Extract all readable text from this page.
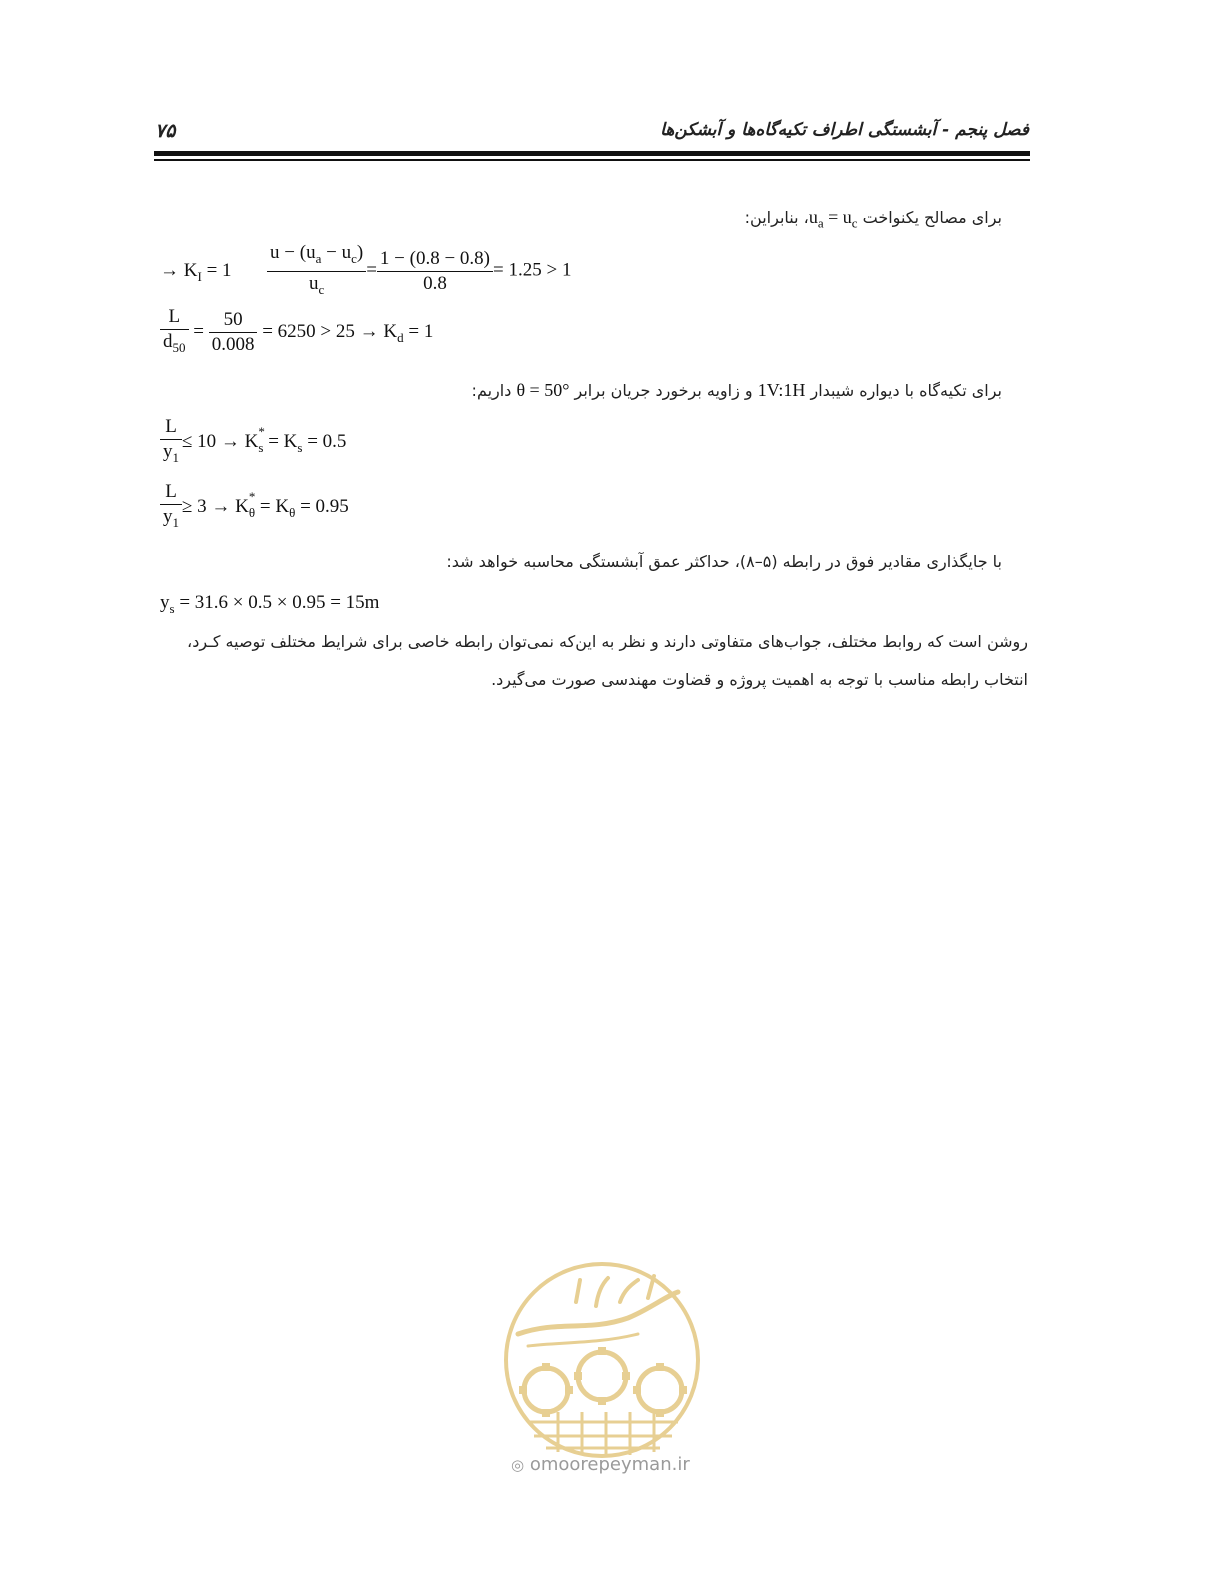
فصل پنجم - آبشستگی اطراف تکیه‌گاه‌ها و آبشکن‌ها
۷۵
برای مصالح یکنواخت $u_a$ = $u_c،$ بنابراین:
→ $K_I = 1 \frac{u - (u_a - u_c)}{u_c} = \frac{1 - (0.8 - 0.8)}{0.8} = 1.25 > 1$
$\frac{L}{d_{50}} = \frac{50}{0.008} = 6250 > 25 \to K_d = 1$
برای تکیه‌گاه با دیواره شیبدار 1V:1H و زاویه برخورد جریان برابر θ = 50° داریم:
$\frac{L}{y_1} \le 10 \to K$ $_{* s} = K_s = 0.5$
$\frac{L}{y_1} \ge 3 \to K$ $_{* \theta} = K_\theta = 0.95$
با جایگذاری مقادیر فوق در رابطه (۵–۸)، حداکثر عمق آبشستگی محاسبه خواهد شد:
$y_s = 31.6 \times 0.5 \times 0.95 = 15m$
روشن است که روابط مختلف، جواب‌های متفاوتی دارند و نظر به این‌که نمی‌توان رابطه خاصی برای شرایط مختلف توصیه کـرد،
انتخاب رابطه مناسب با توجه به اهمیت پروژه و قضاوت مهندسی صورت می‌گیرد.
◎ omoorepeyman.ir
